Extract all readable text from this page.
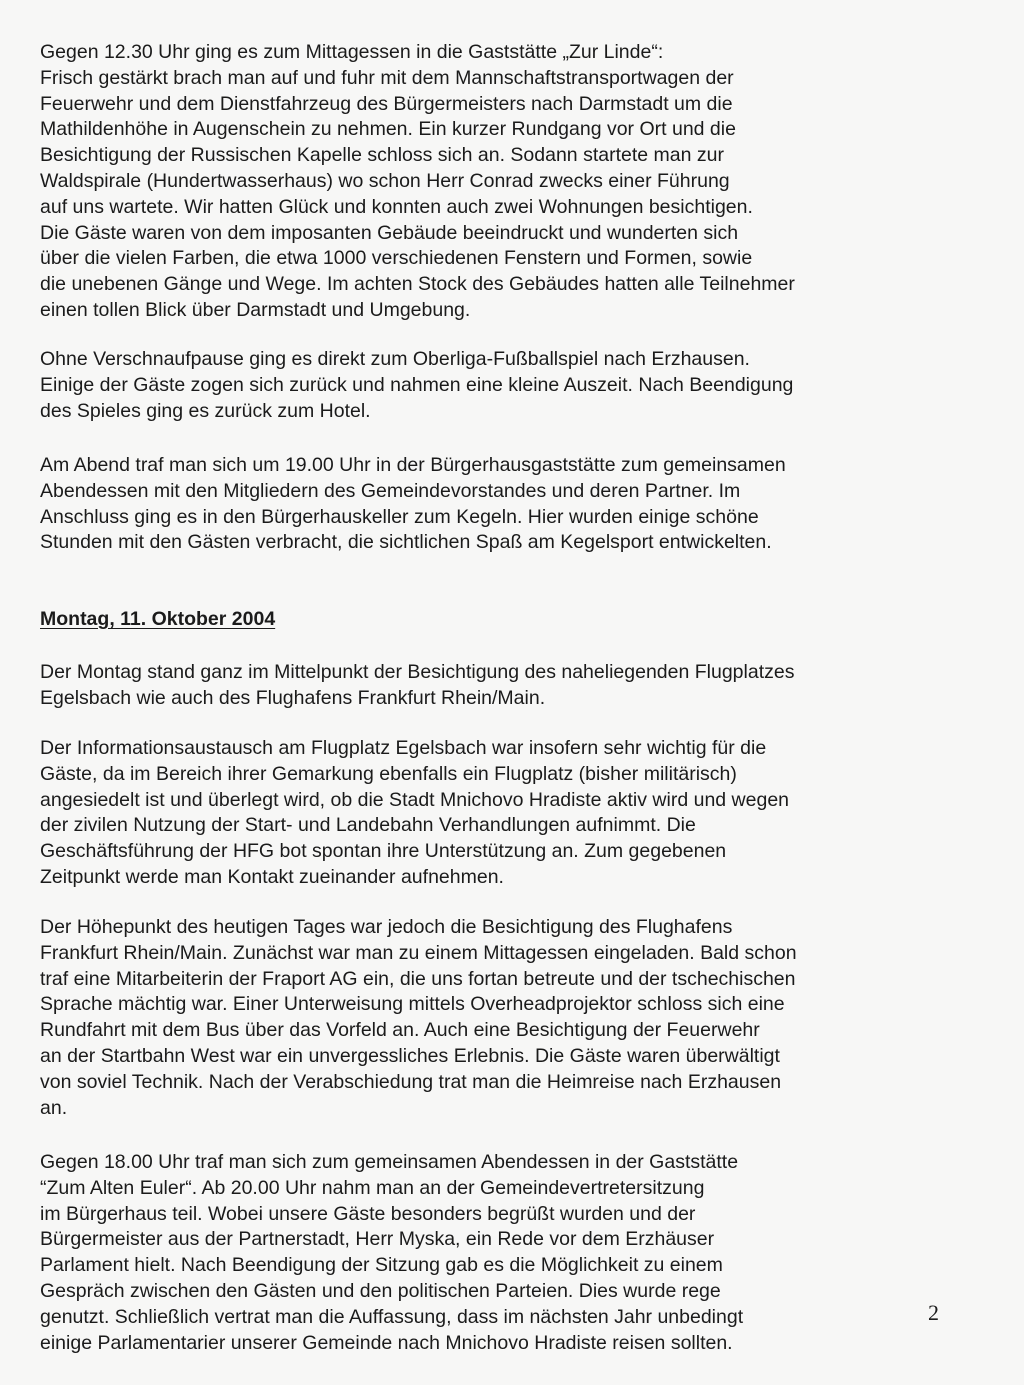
Gegen 12.30 Uhr ging es zum Mittagessen in die Gaststätte „Zur Linde“:
Frisch gestärkt brach man auf und fuhr mit dem Mannschaftstransportwagen der
Feuerwehr und dem Dienstfahrzeug des Bürgermeisters nach Darmstadt um die
Mathildenhöhe in Augenschein zu nehmen. Ein kurzer Rundgang vor Ort und die
Besichtigung der Russischen Kapelle schloss sich an. Sodann startete man zur
Waldspirale (Hundertwasserhaus) wo schon Herr Conrad zwecks einer Führung
auf uns wartete. Wir hatten Glück und konnten auch zwei Wohnungen besichtigen.
Die Gäste waren von dem imposanten Gebäude beeindruckt und wunderten sich
über die vielen Farben, die etwa 1000 verschiedenen Fenstern und Formen, sowie
die unebenen Gänge und Wege. Im achten Stock des Gebäudes hatten alle Teilnehmer
einen tollen Blick über Darmstadt und Umgebung.
Ohne Verschnaufpause ging es direkt zum Oberliga-Fußballspiel nach Erzhausen.
Einige der Gäste zogen sich zurück und nahmen eine kleine Auszeit. Nach Beendigung
des Spieles ging es zurück zum Hotel.
Am Abend traf man sich um 19.00 Uhr in der Bürgerhausgaststätte zum gemeinsamen
Abendessen mit den Mitgliedern des Gemeindevorstandes und deren Partner. Im
Anschluss ging es in den Bürgerhauskeller zum Kegeln. Hier wurden einige schöne
Stunden mit den Gästen verbracht, die sichtlichen Spaß am Kegelsport entwickelten.
Montag, 11. Oktober 2004
Der Montag stand ganz im Mittelpunkt der Besichtigung des naheliegenden Flugplatzes
Egelsbach wie auch des Flughafens Frankfurt Rhein/Main.
Der Informationsaustausch am Flugplatz Egelsbach war insofern sehr wichtig für die
Gäste, da im Bereich ihrer Gemarkung ebenfalls ein Flugplatz (bisher militärisch)
angesiedelt ist und überlegt wird, ob die Stadt Mnichovo Hradiste aktiv wird und wegen
der zivilen Nutzung der Start- und Landebahn Verhandlungen aufnimmt. Die
Geschäftsführung der HFG bot spontan ihre Unterstützung an. Zum gegebenen
Zeitpunkt werde man Kontakt zueinander aufnehmen.
Der Höhepunkt des heutigen Tages war jedoch die Besichtigung des Flughafens
Frankfurt Rhein/Main. Zunächst war man zu einem Mittagessen eingeladen. Bald schon
traf eine Mitarbeiterin der Fraport AG ein, die uns fortan betreute und der tschechischen
Sprache mächtig war. Einer Unterweisung mittels Overheadprojektor schloss sich eine
Rundfahrt mit dem Bus über das Vorfeld an. Auch eine Besichtigung der Feuerwehr
an der Startbahn West war ein unvergessliches Erlebnis. Die Gäste waren überwältigt
von soviel Technik. Nach der Verabschiedung trat man die Heimreise nach Erzhausen
an.
Gegen 18.00 Uhr traf man sich zum gemeinsamen Abendessen in der Gaststätte
“Zum Alten Euler“. Ab 20.00 Uhr nahm man an der Gemeindevertretersitzung
im Bürgerhaus teil. Wobei unsere Gäste besonders begrüßt wurden und der
Bürgermeister aus der Partnerstadt, Herr Myska, ein Rede vor dem Erzhäuser
Parlament hielt. Nach Beendigung der Sitzung gab es die Möglichkeit zu einem
Gespräch zwischen den Gästen und den politischen Parteien. Dies wurde rege
genutzt. Schließlich vertrat man die Auffassung, dass im nächsten Jahr unbedingt
einige Parlamentarier unserer Gemeinde nach Mnichovo Hradiste reisen sollten.
2
